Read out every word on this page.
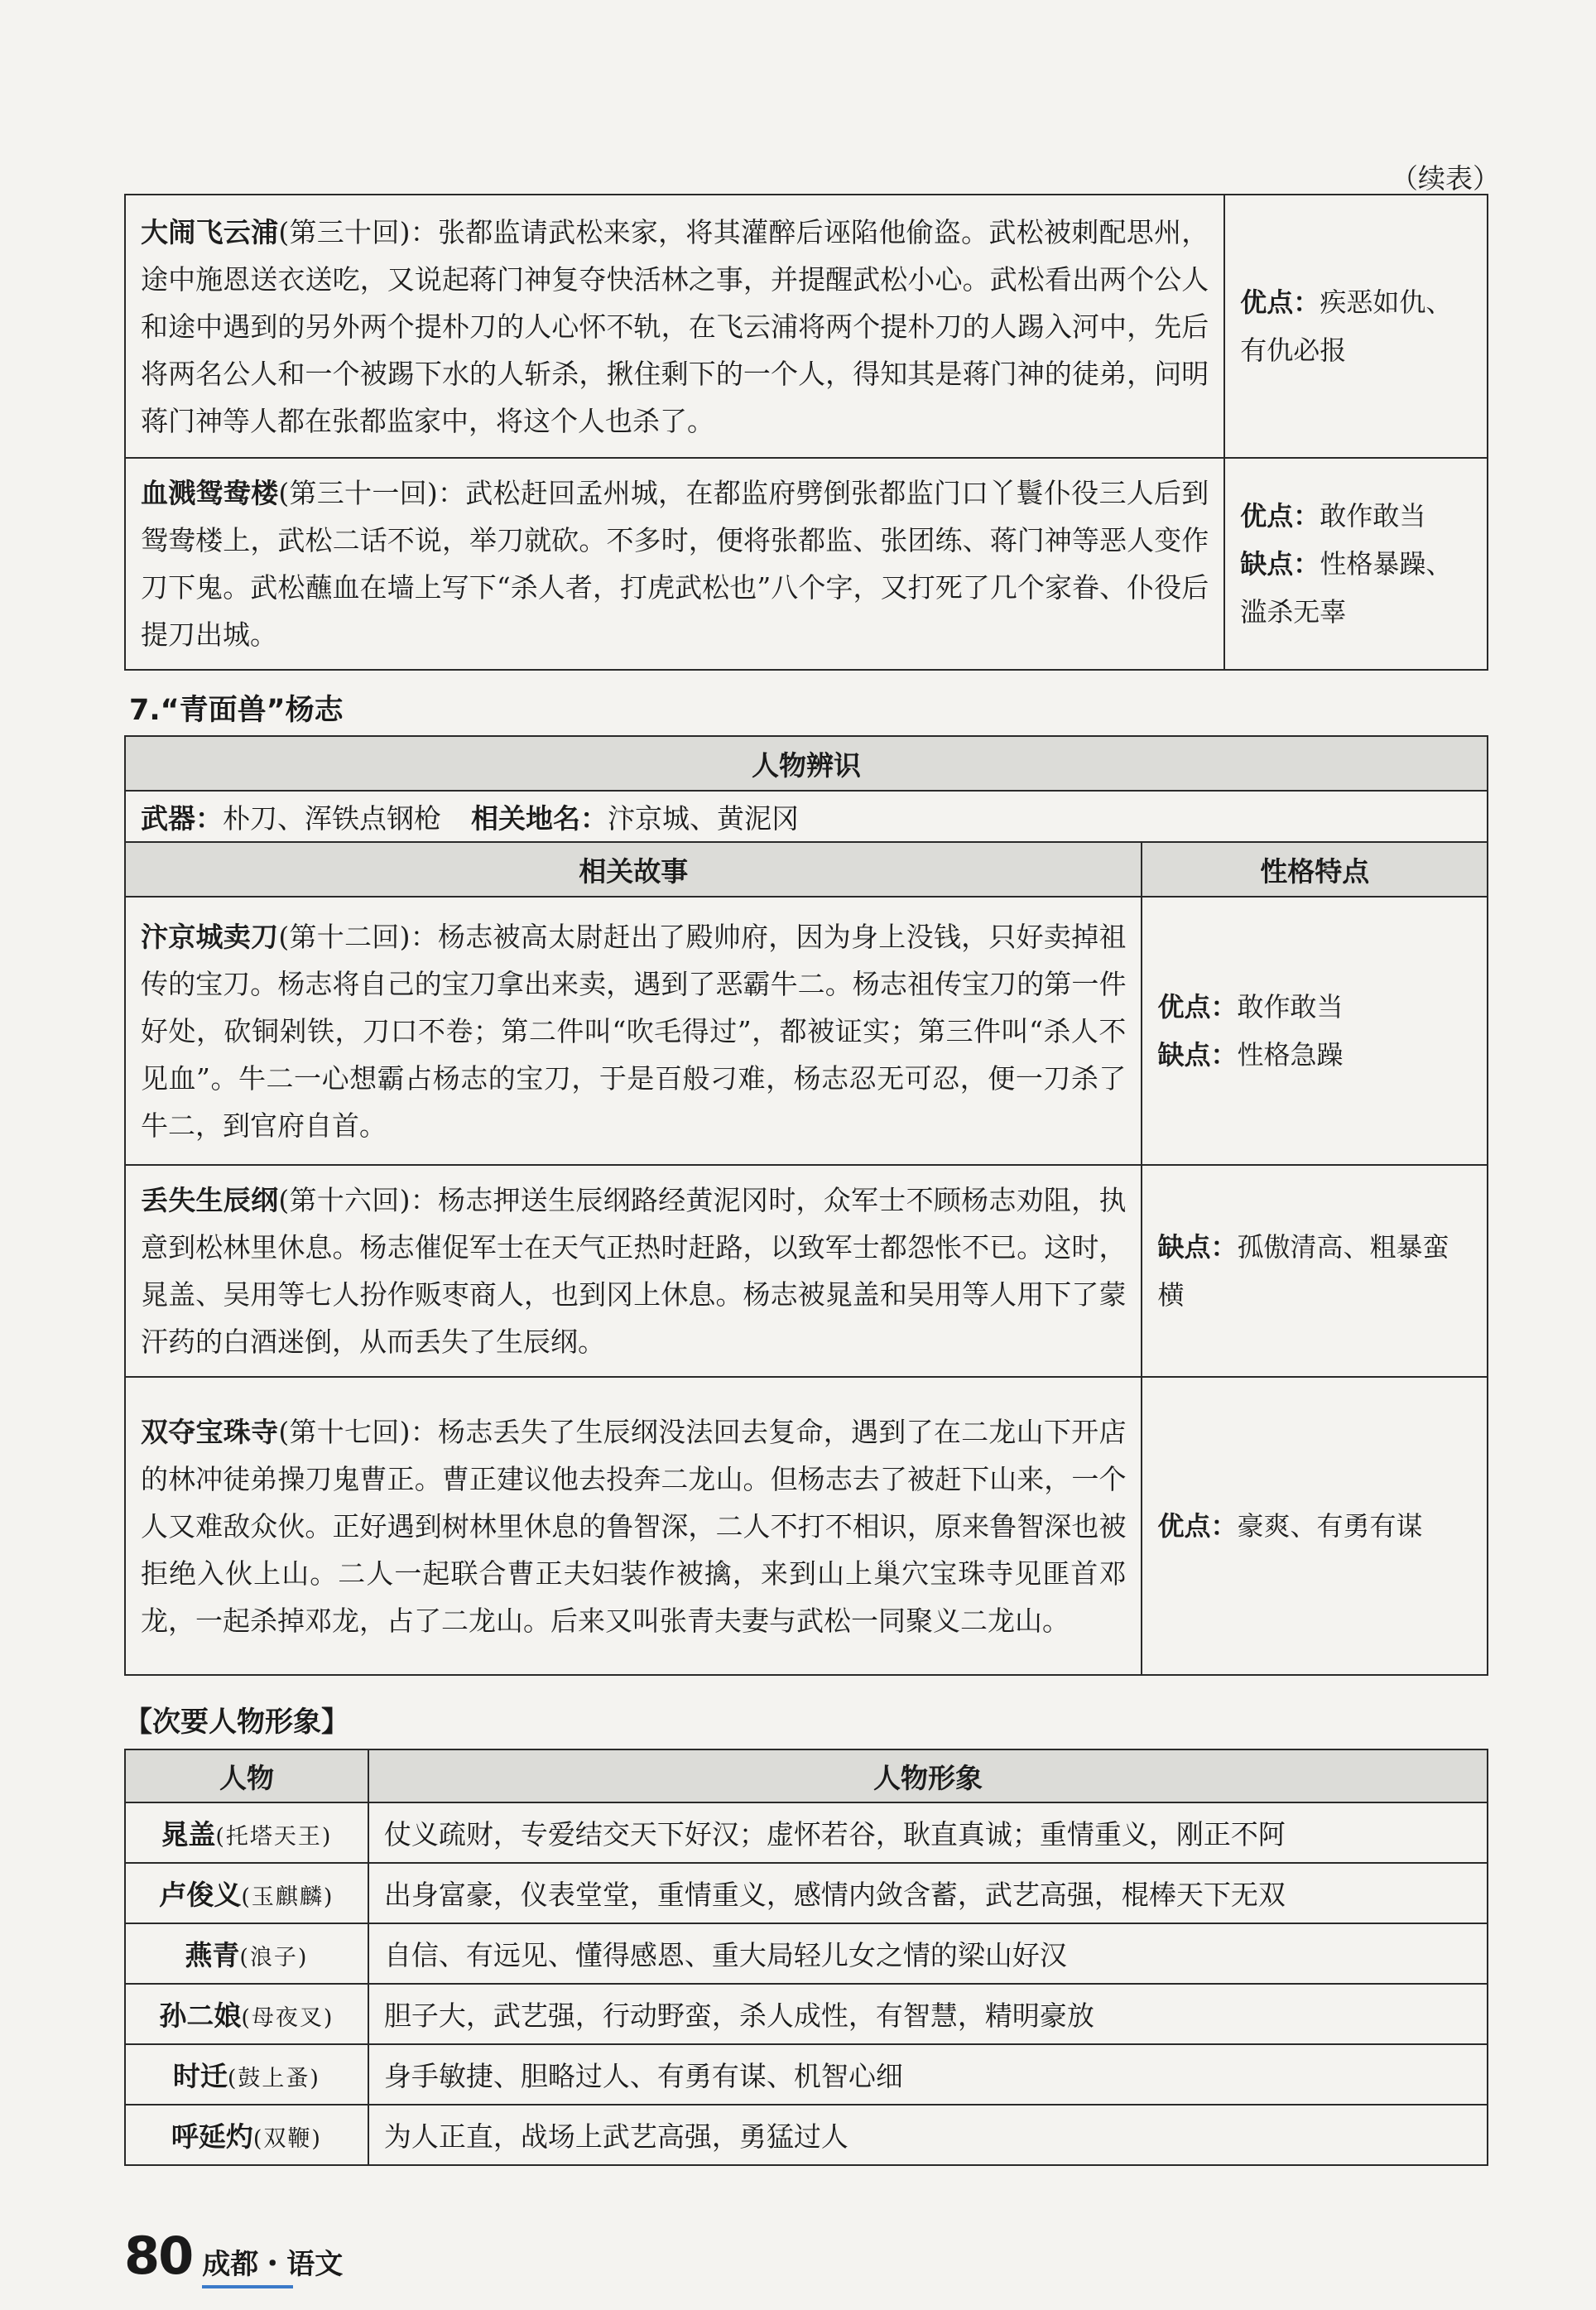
（续表）
大闹飞云浦(第三十回)：张都监请武松来家，将其灌醉后诬陷他偷盗。武松被刺配思州，途中施恩送衣送吃，又说起蒋门神复夺快活林之事，并提醒武松小心。武松看出两个公人和途中遇到的另外两个提朴刀的人心怀不轨，在飞云浦将两个提朴刀的人踢入河中，先后将两名公人和一个被踢下水的人斩杀，揪住剩下的一个人，得知其是蒋门神的徒弟，问明蒋门神等人都在张都监家中，将这个人也杀了。	优点：疾恶如仇、有仇必报

血溅鸳鸯楼(第三十一回)：武松赶回孟州城，在都监府劈倒张都监门口丫鬟仆役三人后到鸳鸯楼上，武松二话不说，举刀就砍。不多时，便将张都监、张团练、蒋门神等恶人变作刀下鬼。武松蘸血在墙上写下“杀人者，打虎武松也”八个字，又打死了几个家眷、仆役后提刀出城。	优点：敢作敢当
缺点：性格暴躁、滥杀无辜
7.“青面兽”杨志
人物辨识	
武器：朴刀、浑铁点钢枪 相关地名：汴京城、黄泥冈	
相关故事	性格特点
汴京城卖刀(第十二回)：杨志被高太尉赶出了殿帅府，因为身上没钱，只好卖掉祖传的宝刀。杨志将自己的宝刀拿出来卖，遇到了恶霸牛二。杨志祖传宝刀的第一件好处，砍铜剁铁，刀口不卷；第二件叫“吹毛得过”，都被证实；第三件叫“杀人不见血”。牛二一心想霸占杨志的宝刀，于是百般刁难，杨志忍无可忍，便一刀杀了牛二，到官府自首。	优点：敢作敢当
缺点：性格急躁

丢失生辰纲(第十六回)：杨志押送生辰纲路经黄泥冈时，众军士不顾杨志劝阻，执意到松林里休息。杨志催促军士在天气正热时赶路，以致军士都怨怅不已。这时，晁盖、吴用等七人扮作贩枣商人，也到冈上休息。杨志被晁盖和吴用等人用下了蒙汗药的白酒迷倒，从而丢失了生辰纲。	缺点：孤傲清高、粗暴蛮横

双夺宝珠寺(第十七回)：杨志丢失了生辰纲没法回去复命，遇到了在二龙山下开店的林冲徒弟操刀鬼曹正。曹正建议他去投奔二龙山。但杨志去了被赶下山来，一个人又难敌众伙。正好遇到树林里休息的鲁智深，二人不打不相识，原来鲁智深也被拒绝入伙上山。二人一起联合曹正夫妇装作被擒，来到山上巢穴宝珠寺见匪首邓龙，一起杀掉邓龙，占了二龙山。后来又叫张青夫妻与武松一同聚义二龙山。	优点：豪爽、有勇有谋
【次要人物形象】
人物	人物形象
晁盖(托塔天王)	仗义疏财，专爱结交天下好汉；虚怀若谷，耿直真诚；重情重义，刚正不阿
卢俊义(玉麒麟)	出身富豪，仪表堂堂，重情重义，感情内敛含蓄，武艺高强，棍棒天下无双
燕青(浪子)	自信、有远见、懂得感恩、重大局轻儿女之情的梁山好汉
孙二娘(母夜叉)	胆子大，武艺强，行动野蛮，杀人成性，有智慧，精明豪放
时迁(鼓上蚤)	身手敏捷、胆略过人、有勇有谋、机智心细
呼延灼(双鞭)	为人正直，战场上武艺高强，勇猛过人
80 成都・语文
